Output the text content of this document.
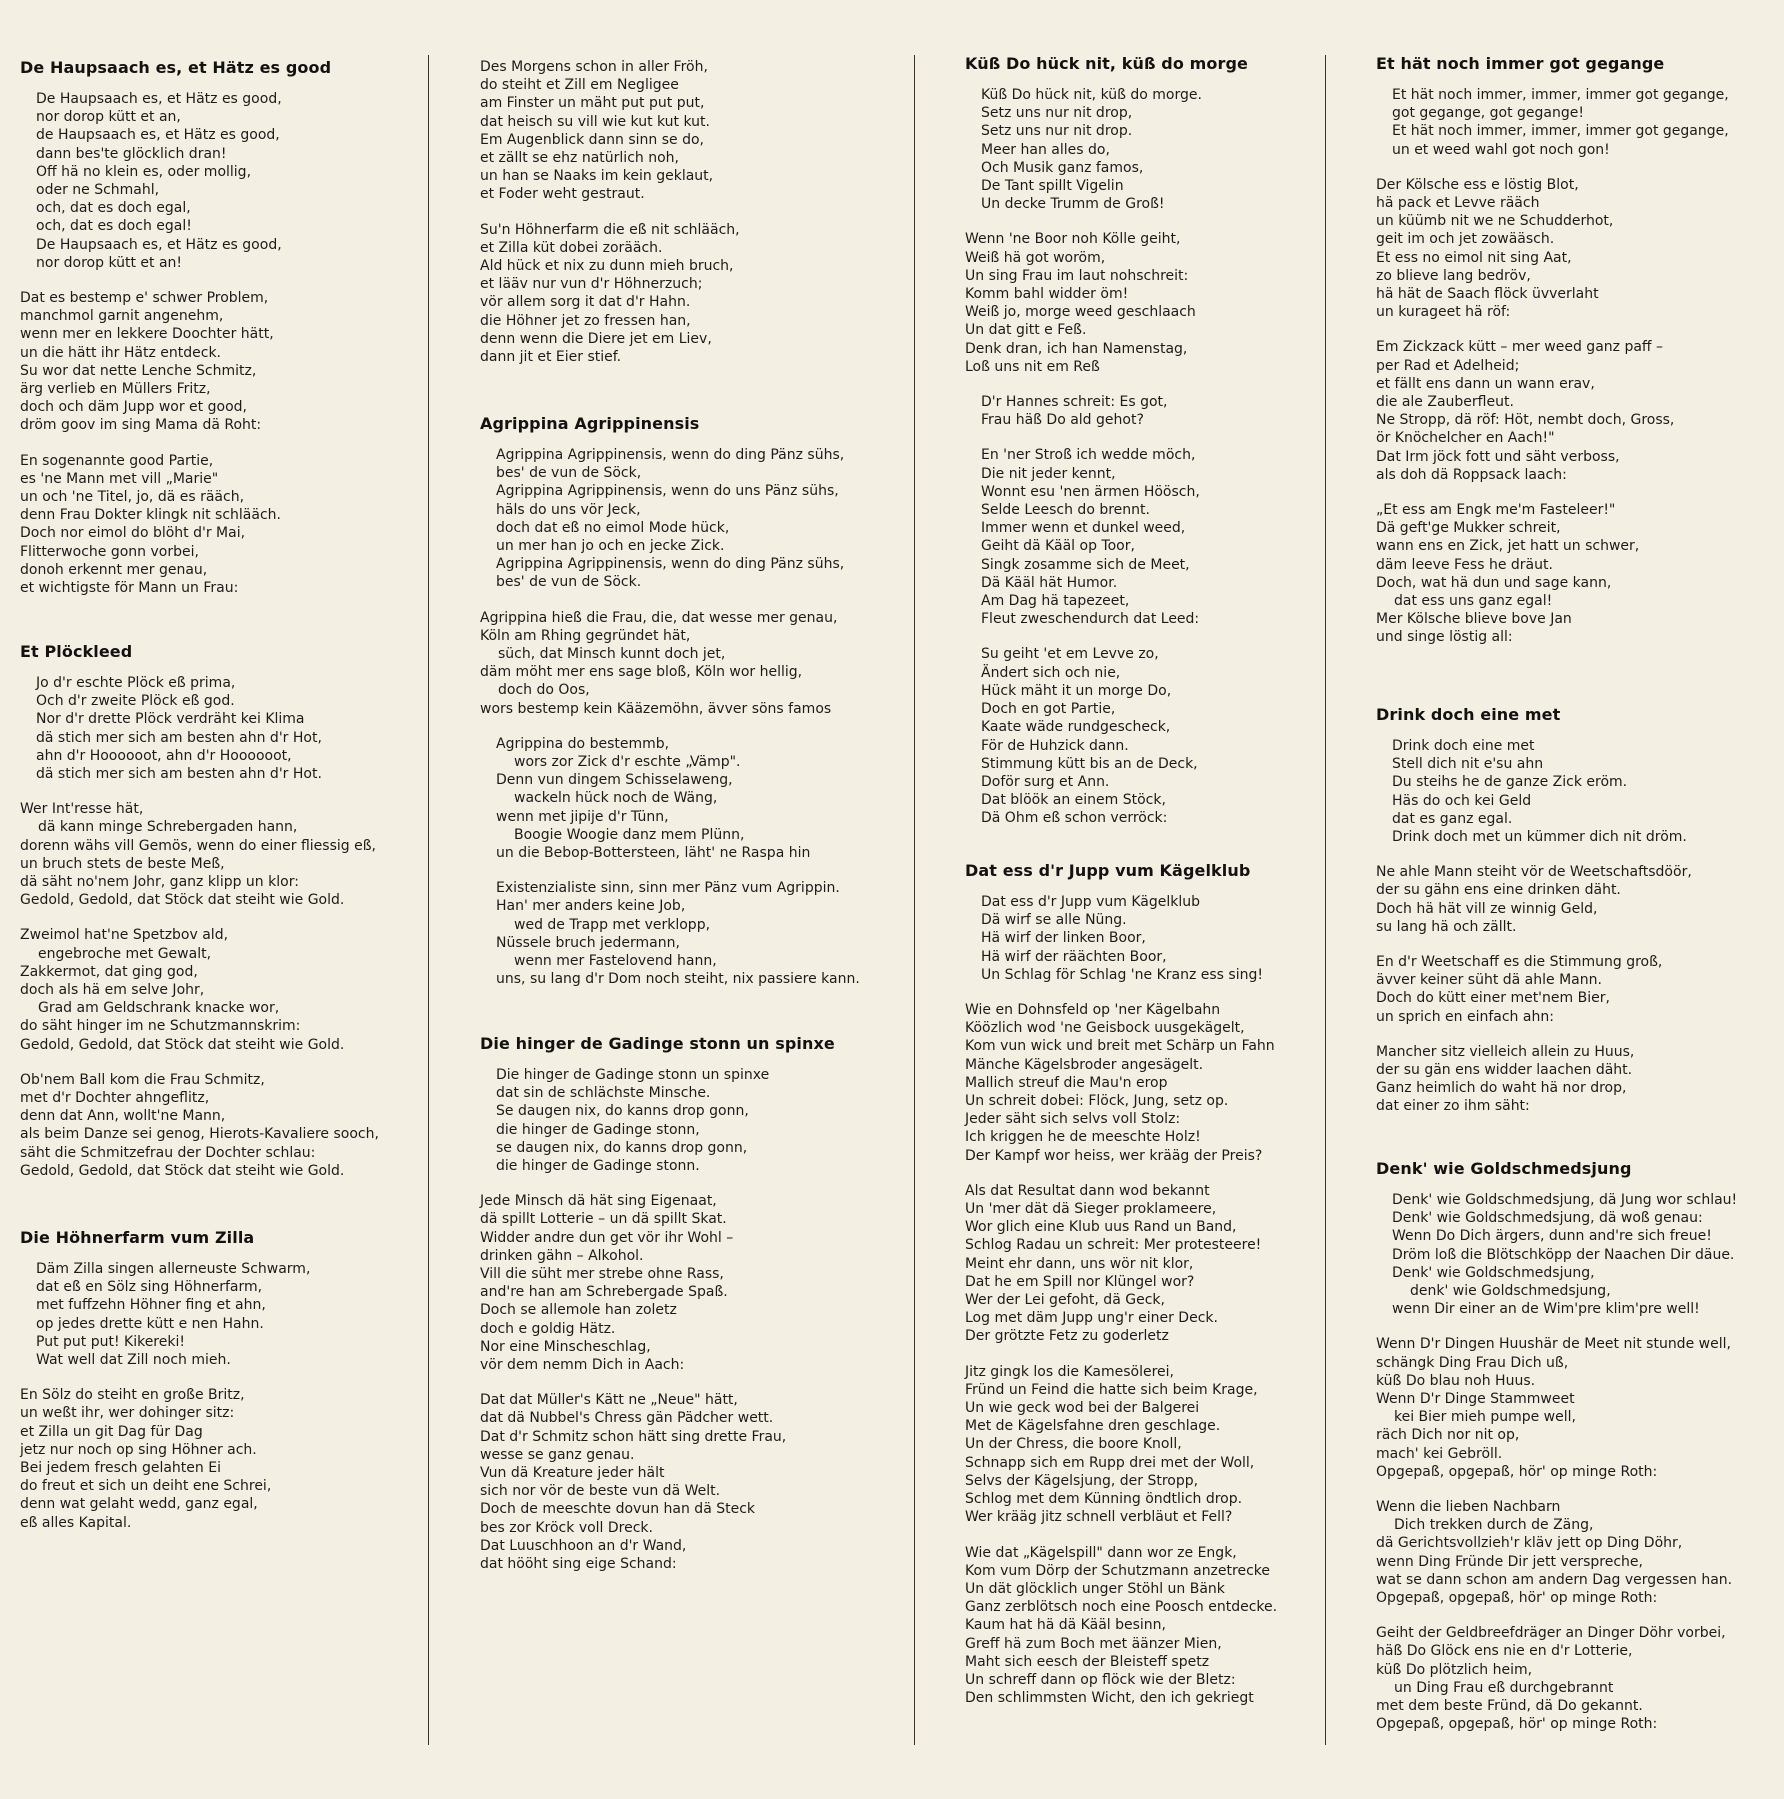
De Haupsaach es, et Hätz es good
De Haupsaach es, et Hätz es good,
nor dorop kütt et an,
de Haupsaach es, et Hätz es good,
dann bes'te glöcklich dran!
Off hä no klein es, oder mollig,
oder ne Schmahl,
och, dat es doch egal,
och, dat es doch egal!
De Haupsaach es, et Hätz es good,
nor dorop kütt et an!
Dat es bestemp e' schwer Problem,
manchmol garnit angenehm,
wenn mer en lekkere Doochter hätt,
un die hätt ihr Hätz entdeck.
Su wor dat nette Lenche Schmitz,
ärg verlieb en Müllers Fritz,
doch och däm Jupp wor et good,
dröm goov im sing Mama dä Roht:
En sogenannte good Partie,
es 'ne Mann met vill „Marie"
un och 'ne Titel, jo, dä es rääch,
denn Frau Dokter klingk nit schlääch.
Doch nor eimol do blöht d'r Mai,
Flitterwoche gonn vorbei,
donoh erkennt mer genau,
et wichtigste för Mann un Frau:
Et Plöckleed
Jo d'r eschte Plöck eß prima,
Och d'r zweite Plöck eß god.
Nor d'r drette Plöck verdräht kei Klima
dä stich mer sich am besten ahn d'r Hot,
ahn d'r Hoooooot, ahn d'r Hoooooot,
dä stich mer sich am besten ahn d'r Hot.
Wer Int'resse hät,
dä kann minge Schrebergaden hann,
dorenn wähs vill Gemös, wenn do einer fliessig eß,
un bruch stets de beste Meß,
dä säht no'nem Johr, ganz klipp un klor:
Gedold, Gedold, dat Stöck dat steiht wie Gold.
Zweimol hat'ne Spetzbov ald,
engebroche met Gewalt,
Zakkermot, dat ging god,
doch als hä em selve Johr,
Grad am Geldschrank knacke wor,
do säht hinger im ne Schutzmannskrim:
Gedold, Gedold, dat Stöck dat steiht wie Gold.
Ob'nem Ball kom die Frau Schmitz,
met d'r Dochter ahngeflitz,
denn dat Ann, wollt'ne Mann,
als beim Danze sei genog, Hierots-Kavaliere sooch,
säht die Schmitzefrau der Dochter schlau:
Gedold, Gedold, dat Stöck dat steiht wie Gold.
Die Höhnerfarm vum Zilla
Däm Zilla singen allerneuste Schwarm,
dat eß en Sölz sing Höhnerfarm,
met fuffzehn Höhner fing et ahn,
op jedes drette kütt e nen Hahn.
Put put put! Kikereki!
Wat well dat Zill noch mieh.
En Sölz do steiht en große Britz,
un weßt ihr, wer dohinger sitz:
et Zilla un git Dag für Dag
jetz nur noch op sing Höhner ach.
Bei jedem fresch gelahten Ei
do freut et sich un deiht ene Schrei,
denn wat gelaht wedd, ganz egal,
eß alles Kapital.
Des Morgens schon in aller Fröh,
do steiht et Zill em Negligee
am Finster un mäht put put put,
dat heisch su vill wie kut kut kut.
Em Augenblick dann sinn se do,
et zällt se ehz natürlich noh,
un han se Naaks im kein geklaut,
et Foder weht gestraut.
Su'n Höhnerfarm die eß nit schlääch,
et Zilla küt dobei zorääch.
Ald hück et nix zu dunn mieh bruch,
et lääv nur vun d'r Höhnerzuch;
vör allem sorg it dat d'r Hahn.
die Höhner jet zo fressen han,
denn wenn die Diere jet em Liev,
dann jit et Eier stief.
Agrippina Agrippinensis
Agrippina Agrippinensis, wenn do ding Pänz sühs,
bes' de vun de Söck,
Agrippina Agrippinensis, wenn do uns Pänz sühs,
häls do uns vör Jeck,
doch dat eß no eimol Mode hück,
un mer han jo och en jecke Zick.
Agrippina Agrippinensis, wenn do ding Pänz sühs,
bes' de vun de Söck.
Agrippina hieß die Frau, die, dat wesse mer genau,
Köln am Rhing gegründet hät,
süch, dat Minsch kunnt doch jet,
däm möht mer ens sage bloß, Köln wor hellig,
doch do Oos,
wors bestemp kein Kääzemöhn, ävver söns famos
Agrippina do bestemmb,
wors zor Zick d'r eschte „Vämp".
Denn vun dingem Schisselaweng,
wackeln hück noch de Wäng,
wenn met jipije d'r Tünn,
Boogie Woogie danz mem Plünn,
un die Bebop-Bottersteen, läht' ne Raspa hin
Existenzialiste sinn, sinn mer Pänz vum Agrippin.
Han' mer anders keine Job,
wed de Trapp met verklopp,
Nüssele bruch jedermann,
wenn mer Fastelovend hann,
uns, su lang d'r Dom noch steiht, nix passiere kann.
Die hinger de Gadinge stonn un spinxe
Die hinger de Gadinge stonn un spinxe
dat sin de schlächste Minsche.
Se daugen nix, do kanns drop gonn,
die hinger de Gadinge stonn,
se daugen nix, do kanns drop gonn,
die hinger de Gadinge stonn.
Jede Minsch dä hät sing Eigenaat,
dä spillt Lotterie – un dä spillt Skat.
Widder andre dun get vör ihr Wohl –
drinken gähn – Alkohol.
Vill die süht mer strebe ohne Rass,
and're han am Schrebergade Spaß.
Doch se allemole han zoletz
doch e goldig Hätz.
Nor eine Minscheschlag,
vör dem nemm Dich in Aach:
Dat dat Müller's Kätt ne „Neue" hätt,
dat dä Nubbel's Chress gän Pädcher wett.
Dat d'r Schmitz schon hätt sing drette Frau,
wesse se ganz genau.
Vun dä Kreature jeder hält
sich nor vör de beste vun dä Welt.
Doch de meeschte dovun han dä Steck
bes zor Kröck voll Dreck.
Dat Luuschhoon an d'r Wand,
dat hööht sing eige Schand:
Küß Do hück nit, küß do morge
Küß Do hück nit, küß do morge.
Setz uns nur nit drop,
Setz uns nur nit drop.
Meer han alles do,
Och Musik ganz famos,
De Tant spillt Vigelin
Un decke Trumm de Groß!
Wenn 'ne Boor noh Kölle geiht,
Weiß hä got woröm,
Un sing Frau im laut nohschreit:
Komm bahl widder öm!
Weiß jo, morge weed geschlaach
Un dat gitt e Feß.
Denk dran, ich han Namenstag,
Loß uns nit em Reß
D'r Hannes schreit: Es got,
Frau häß Do ald gehot?
En 'ner Stroß ich wedde möch,
Die nit jeder kennt,
Wonnt esu 'nen ärmen Höösch,
Selde Leesch do brennt.
Immer wenn et dunkel weed,
Geiht dä Kääl op Toor,
Singk zosamme sich de Meet,
Dä Kääl hät Humor.
Am Dag hä tapezeet,
Fleut zweschendurch dat Leed:
Su geiht 'et em Levve zo,
Ändert sich och nie,
Hück mäht it un morge Do,
Doch en got Partie,
Kaate wäde rundgescheck,
För de Huhzick dann.
Stimmung kütt bis an de Deck,
Doför surg et Ann.
Dat blöök an einem Stöck,
Dä Ohm eß schon verröck:
Dat ess d'r Jupp vum Kägelklub
Dat ess d'r Jupp vum Kägelklub
Dä wirf se alle Nüng.
Hä wirf der linken Boor,
Hä wirf der räächten Boor,
Un Schlag för Schlag 'ne Kranz ess sing!
Wie en Dohnsfeld op 'ner Kägelbahn
Köözlich wod 'ne Geisbock uusgekägelt,
Kom vun wick und breit met Schärp un Fahn
Mänche Kägelsbroder angesägelt.
Mallich streuf die Mau'n erop
Un schreit dobei: Flöck, Jung, setz op.
Jeder säht sich selvs voll Stolz:
Ich kriggen he de meeschte Holz!
Der Kampf wor heiss, wer krääg der Preis?
Als dat Resultat dann wod bekannt
Un 'mer dät dä Sieger proklameere,
Wor glich eine Klub uus Rand un Band,
Schlog Radau un schreit: Mer protesteere!
Meint ehr dann, uns wör nit klor,
Dat he em Spill nor Klüngel wor?
Wer der Lei gefoht, dä Geck,
Log met däm Jupp ung'r einer Deck.
Der grötzte Fetz zu goderletz
Jitz gingk los die Kamesölerei,
Fründ un Feind die hatte sich beim Krage,
Un wie geck wod bei der Balgerei
Met de Kägelsfahne dren geschlage.
Un der Chress, die boore Knoll,
Schnapp sich em Rupp drei met der Woll,
Selvs der Kägelsjung, der Stropp,
Schlog met dem Künning öndtlich drop.
Wer krääg jitz schnell verbläut et Fell?
Wie dat „Kägelspill" dann wor ze Engk,
Kom vum Dörp der Schutzmann anzetrecke
Un dät glöcklich unger Stöhl un Bänk
Ganz zerblötsch noch eine Poosch entdecke.
Kaum hat hä dä Kääl besinn,
Greff hä zum Boch met äänzer Mien,
Maht sich eesch der Bleisteff spetz
Un schreff dann op flöck wie der Bletz:
Den schlimmsten Wicht, den ich gekriegt
Et hät noch immer got gegange
Et hät noch immer, immer, immer got gegange,
got gegange, got gegange!
Et hät noch immer, immer, immer got gegange,
un et weed wahl got noch gon!
Der Kölsche ess e löstig Blot,
hä pack et Levve rääch
un küümb nit we ne Schudderhot,
geit im och jet zowääsch.
Et ess no eimol nit sing Aat,
zo blieve lang bedröv,
hä hät de Saach flöck üvverlaht
un kurageet hä röf:
Em Zickzack kütt – mer weed ganz paff –
per Rad et Adelheid;
et fällt ens dann un wann erav,
die ale Zauberfleut.
Ne Stropp, dä röf: Höt, nembt doch, Gross,
ör Knöchelcher en Aach!"
Dat Irm jöck fott und säht verboss,
als doh dä Roppsack laach:
„Et ess am Engk me'm Fasteleer!"
Dä geft'ge Mukker schreit,
wann ens en Zick, jet hatt un schwer,
däm leeve Fess he dräut.
Doch, wat hä dun und sage kann,
dat ess uns ganz egal!
Mer Kölsche blieve bove Jan
und singe löstig all:
Drink doch eine met
Drink doch eine met
Stell dich nit e'su ahn
Du steihs he de ganze Zick eröm.
Häs do och kei Geld
dat es ganz egal.
Drink doch met un kümmer dich nit dröm.
Ne ahle Mann steiht vör de Weetschaftsdöör,
der su gähn ens eine drinken däht.
Doch hä hät vill ze winnig Geld,
su lang hä och zällt.
En d'r Weetschaff es die Stimmung groß,
ävver keiner süht dä ahle Mann.
Doch do kütt einer met'nem Bier,
un sprich en einfach ahn:
Mancher sitz vielleich allein zu Huus,
der su gän ens widder laachen däht.
Ganz heimlich do waht hä nor drop,
dat einer zo ihm säht:
Denk' wie Goldschmedsjung
Denk' wie Goldschmedsjung, dä Jung wor schlau!
Denk' wie Goldschmedsjung, dä woß genau:
Wenn Do Dich ärgers, dunn and're sich freue!
Dröm loß die Blötschköpp der Naachen Dir däue.
Denk' wie Goldschmedsjung,
denk' wie Goldschmedsjung,
wenn Dir einer an de Wim'pre klim'pre well!
Wenn D'r Dingen Huushär de Meet nit stunde well,
schängk Ding Frau Dich uß,
küß Do blau noh Huus.
Wenn D'r Dinge Stammweet
kei Bier mieh pumpe well,
räch Dich nor nit op,
mach' kei Gebröll.
Opgepaß, opgepaß, hör' op minge Roth:
Wenn die lieben Nachbarn
Dich trekken durch de Zäng,
dä Gerichtsvollzieh'r kläv jett op Ding Döhr,
wenn Ding Fründe Dir jett verspreche,
wat se dann schon am andern Dag vergessen han.
Opgepaß, opgepaß, hör' op minge Roth:
Geiht der Geldbreefdräger an Dinger Döhr vorbei,
häß Do Glöck ens nie en d'r Lotterie,
küß Do plötzlich heim,
un Ding Frau eß durchgebrannt
met dem beste Fründ, dä Do gekannt.
Opgepaß, opgepaß, hör' op minge Roth:
